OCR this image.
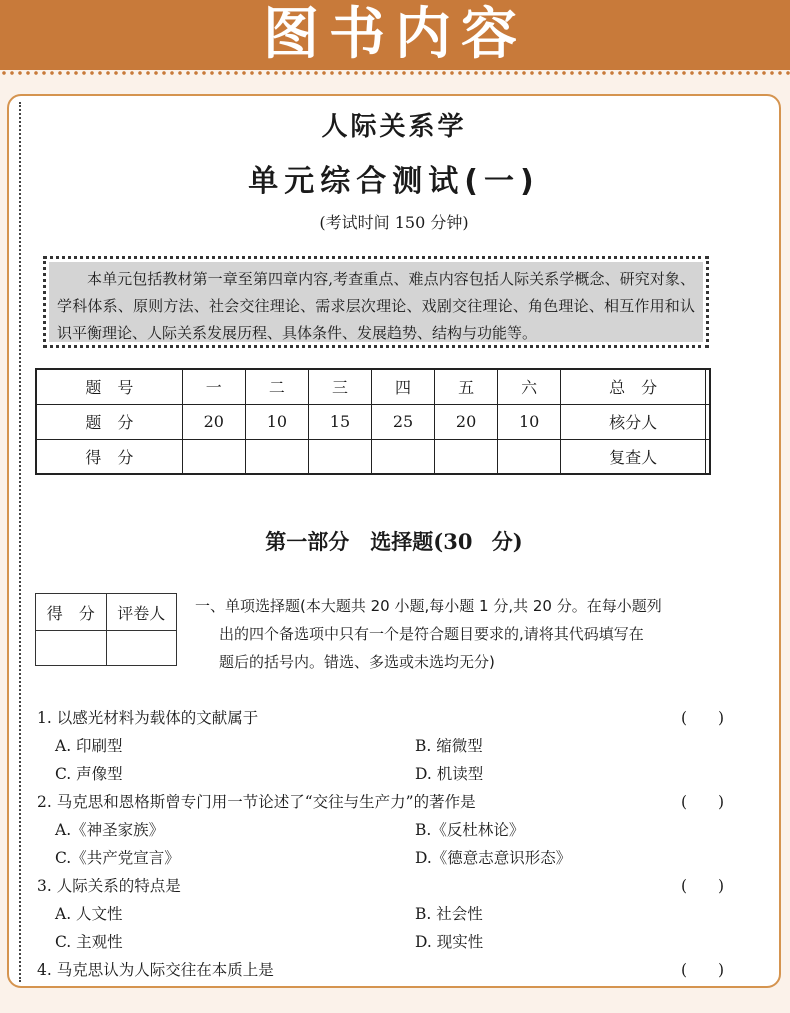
图书内容
人际关系学
单元综合测试(一)
(考试时间 150 分钟)
本单元包括教材第一章至第四章内容,考查重点、难点内容包括人际关系学概念、研究对象、学科体系、原则方法、社会交往理论、需求层次理论、戏剧交往理论、角色理论、相互作用和认识平衡理论、人际关系发展历程、具体条件、发展趋势、结构与功能等。
题　号	一	二	三	四	五	六	总　分	
题　分	20	10	15	25	20	10	核分人	
得　分							复查人	
第一部分　选择题(30 分)
得　分	评卷人
	一、单项选择题(本大题共 20 小题,每小题 1 分,共 20 分。在每小题列
出的四个备选项中只有一个是符合题目要求的,请将其代码填写在
题后的括号内。错选、多选或未选均无分)
1. 以感光材料为载体的文献属于	(　　)
A. 印刷型	B. 缩微型
C. 声像型	D. 机读型
2. 马克思和恩格斯曾专门用一节论述了“交往与生产力”的著作是	(　　)
A.《神圣家族》	B.《反杜林论》
C.《共产党宣言》	D.《德意志意识形态》
3. 人际关系的特点是	(　　)
A. 人文性	B. 社会性
C. 主观性	D. 现实性
4. 马克思认为人际交往在本质上是	(　　)
